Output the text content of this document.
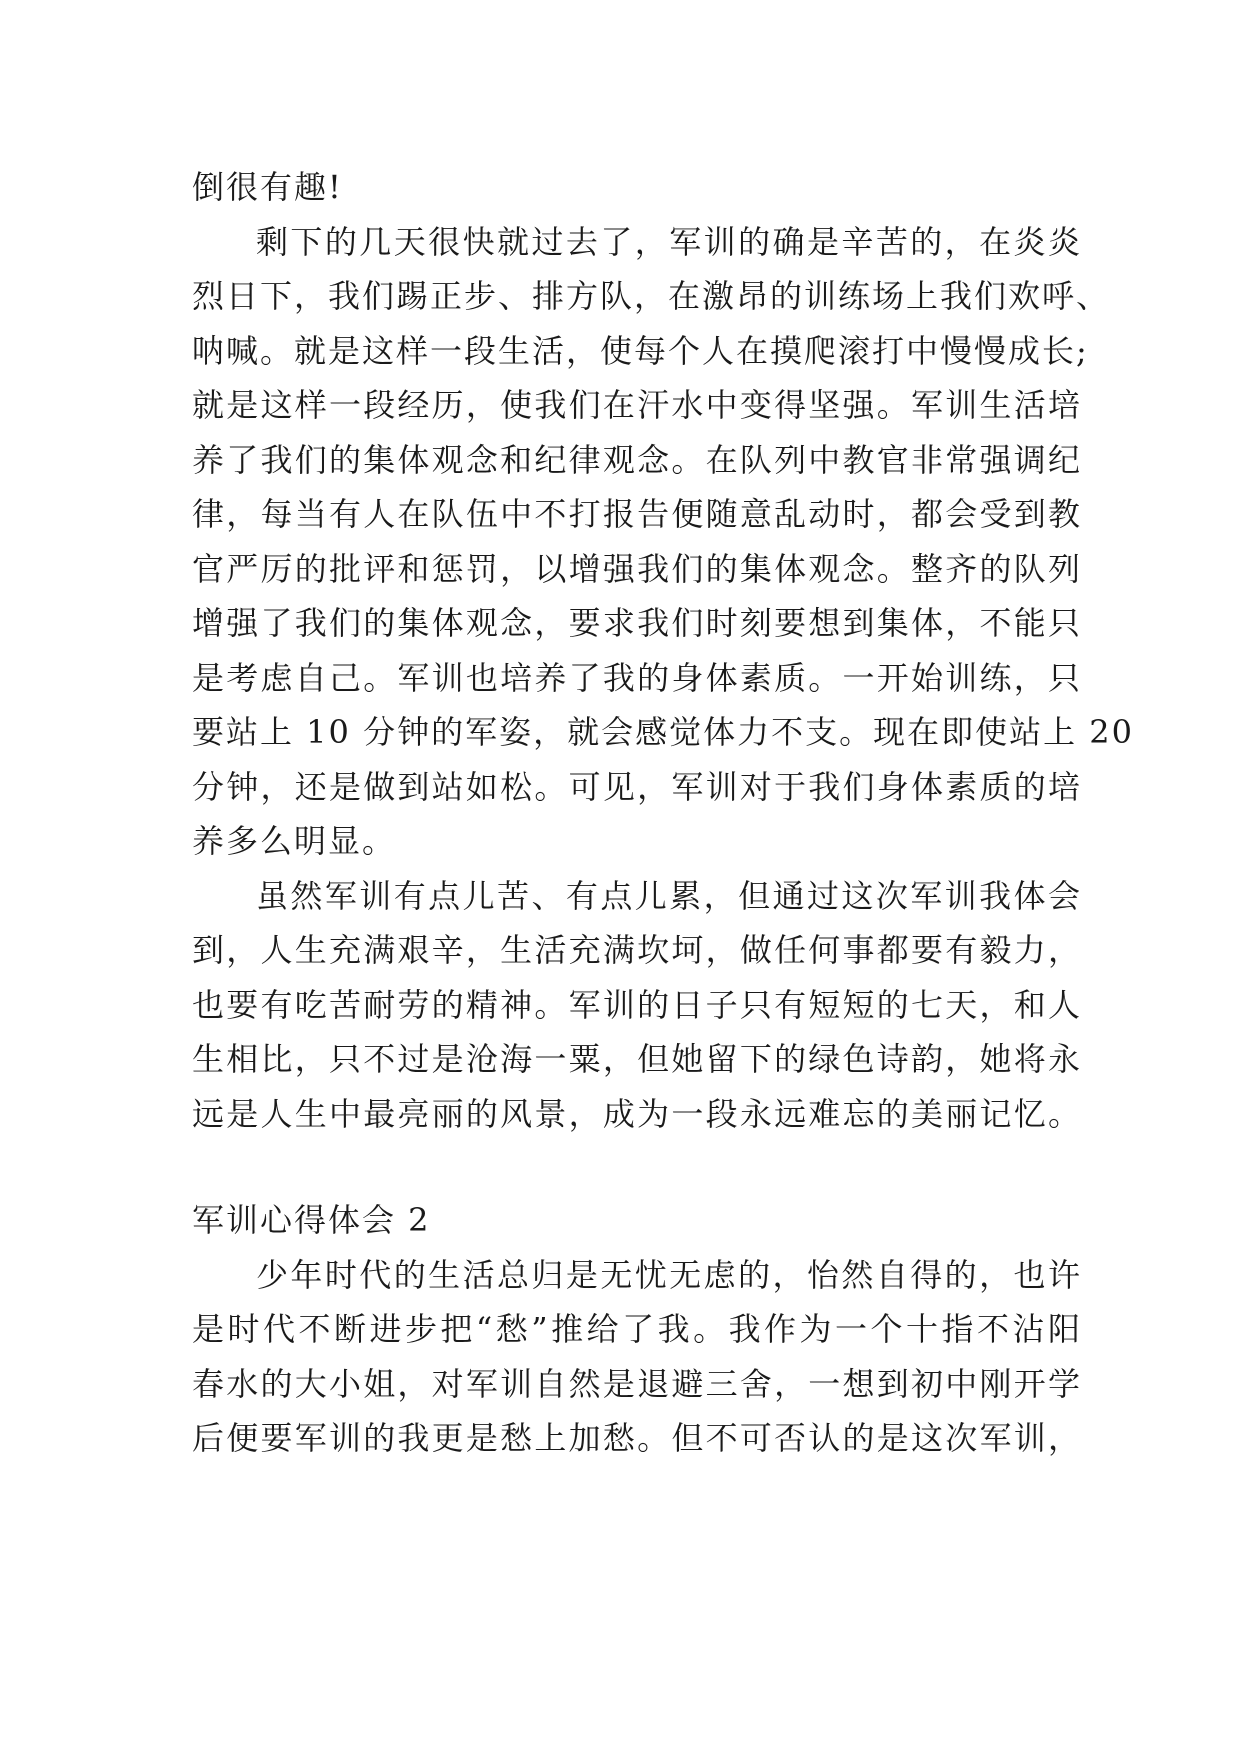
倒很有趣!
剩下的几天很快就过去了，军训的确是辛苦的，在炎炎
烈日下，我们踢正步、排方队，在激昂的训练场上我们欢呼、
呐喊。就是这样一段生活，使每个人在摸爬滚打中慢慢成长;
就是这样一段经历，使我们在汗水中变得坚强。军训生活培
养了我们的集体观念和纪律观念。在队列中教官非常强调纪
律，每当有人在队伍中不打报告便随意乱动时，都会受到教
官严厉的批评和惩罚，以增强我们的集体观念。整齐的队列
增强了我们的集体观念，要求我们时刻要想到集体，不能只
是考虑自己。军训也培养了我的身体素质。一开始训练，只
要站上 10 分钟的军姿，就会感觉体力不支。现在即使站上 20
分钟，还是做到站如松。可见，军训对于我们身体素质的培
养多么明显。
虽然军训有点儿苦、有点儿累，但通过这次军训我体会
到，人生充满艰辛，生活充满坎坷，做任何事都要有毅力，
也要有吃苦耐劳的精神。军训的日子只有短短的七天，和人
生相比，只不过是沧海一粟，但她留下的绿色诗韵，她将永
远是人生中最亮丽的风景，成为一段永远难忘的美丽记忆。
军训心得体会 2
少年时代的生活总归是无忧无虑的，怡然自得的，也许
是时代不断进步把“愁”推给了我。我作为一个十指不沾阳
春水的大小姐，对军训自然是退避三舍，一想到初中刚开学
后便要军训的我更是愁上加愁。但不可否认的是这次军训，
